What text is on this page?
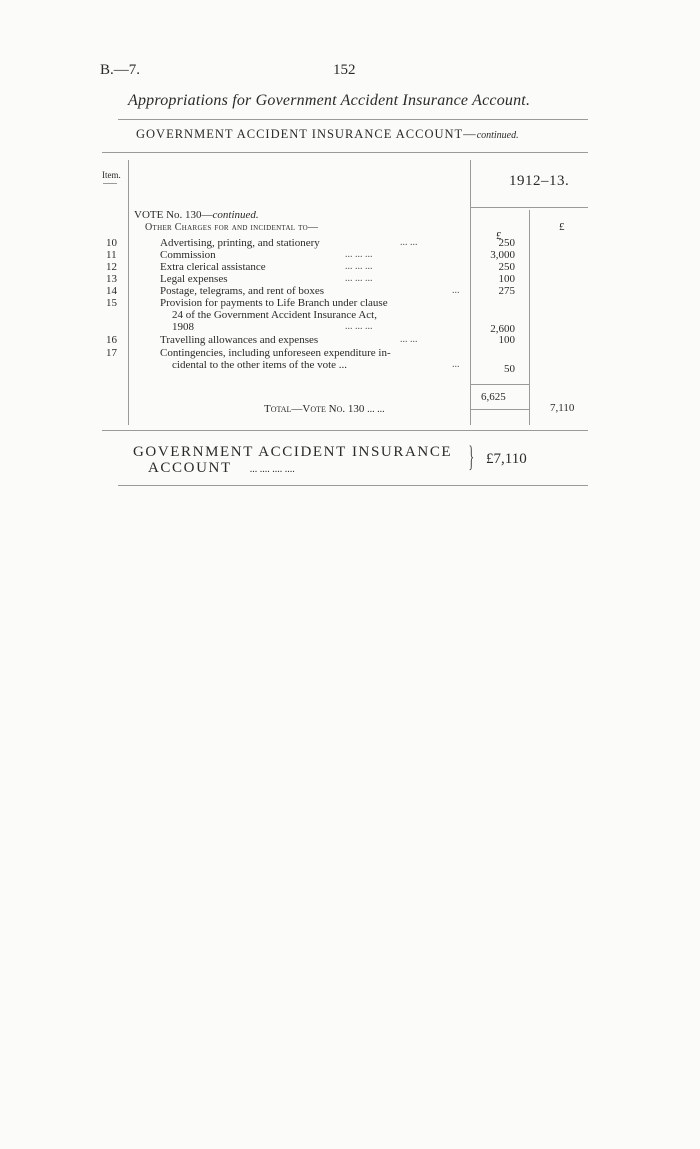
B.—7.	152
Appropriations for Government Accident Insurance Account.
GOVERNMENT ACCIDENT INSURANCE ACCOUNT—continued.
Item.	1912–13.
VOTE No. 130—continued.
Other Charges for and incidental to—
£
£
10	Advertising, printing, and stationery	... ...	250
11	Commission	... ... ...	3,000
12	Extra clerical assistance	... ... ...	250
13	Legal expenses	... ... ...	100
14	Postage, telegrams, and rent of boxes	...	275
15	Provision for payments to Life Branch under clause
24 of the Government Accident Insurance Act,
1908	... ... ...	2,600
16	Travelling allowances and expenses	... ...	100
17	Contingencies, including unforeseen expenditure in-
cidental to the other items of the vote ...	...	50
6,625
Total—Vote No. 130 ... ...	7,110
GOVERNMENT ACCIDENT INSURANCE
ACCOUNT ... .... .... ....	} £7,110
